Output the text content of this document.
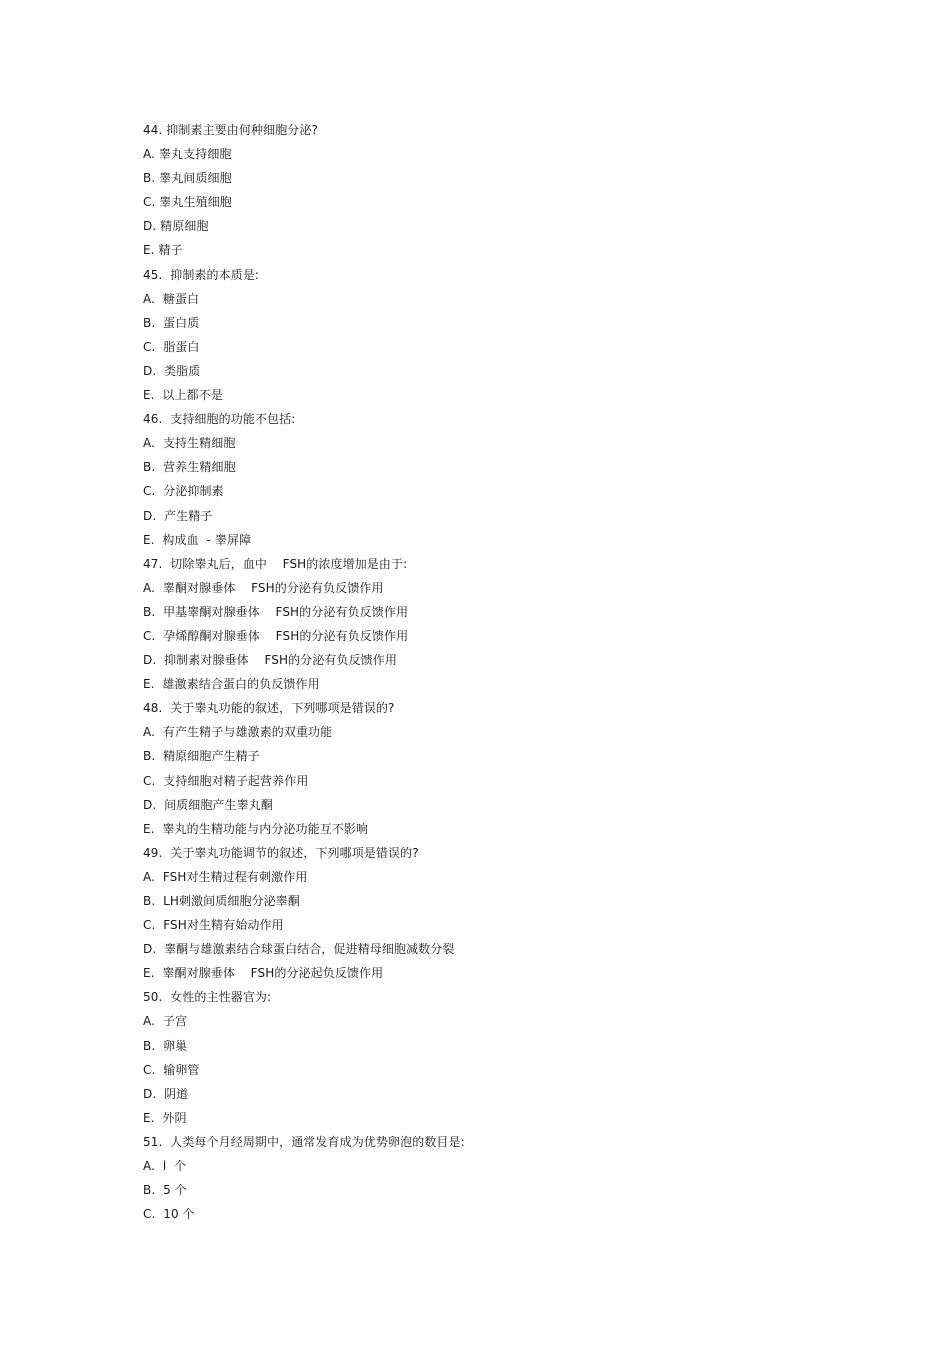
44. 抑制素主要由何种细胞分泌?
A. 睾丸支持细胞
B. 睾丸间质细胞
C. 睾丸生殖细胞
D. 精原细胞
E. 精子
45.  抑制素的本质是:
A.  糖蛋白
B.  蛋白质
C.  脂蛋白
D.  类脂质
E.  以上都不是
46.  支持细胞的功能不包括:
A.  支持生精细胞
B.  营养生精细胞
C.  分泌抑制素
D.  产生精子
E.  构成血  - 睾屏障
47.  切除睾丸后，血中    FSH的浓度增加是由于:
A.  睾酮对腺垂体    FSH的分泌有负反馈作用
B.  甲基睾酮对腺垂体    FSH的分泌有负反馈作用
C.  孕烯醇酮对腺垂体    FSH的分泌有负反馈作用
D.  抑制素对腺垂体    FSH的分泌有负反馈作用
E.  雄激素结合蛋白的负反馈作用
48.  关于睾丸功能的叙述，下列哪项是错误的?
A.  有产生精子与雄激素的双重功能
B.  精原细胞产生精子
C.  支持细胞对精子起营养作用
D.  间质细胞产生睾丸酮
E.  睾丸的生精功能与内分泌功能互不影响
49.  关于睾丸功能调节的叙述，下列哪项是错误的?
A.  FSH对生精过程有刺激作用
B.  LH刺激间质细胞分泌睾酮
C.  FSH对生精有始动作用
D.  睾酮与雄激素结合球蛋白结合，促进精母细胞减数分裂
E.  睾酮对腺垂体    FSH的分泌起负反馈作用
50.  女性的主性器官为:
A.  子宫
B.  卵巢
C.  输卵管
D.  阴道
E.  外阴
51.  人类每个月经周期中，通常发育成为优势卵泡的数目是:
A.  l  个
B.  5 个
C.  10 个
